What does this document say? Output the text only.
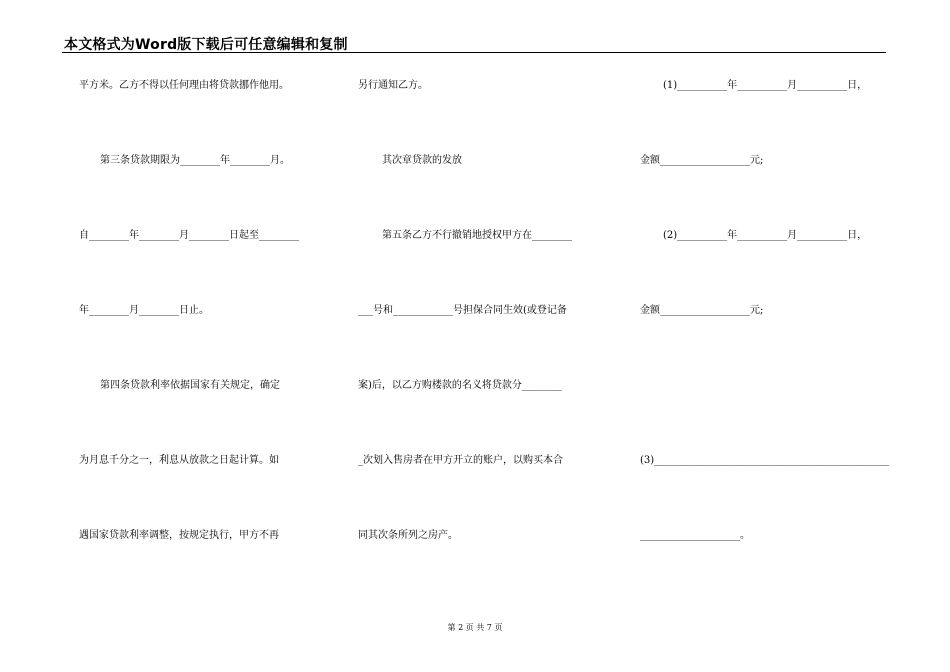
本文格式为Word版下载后可任意编辑和复制
平方米。乙方不得以任何理由将贷款挪作他用。
第三条贷款期限为________年________月。
自________年________月________日起至________
年________月________日止。
第四条贷款利率依据国家有关规定，确定
为月息千分之一，利息从放款之日起计算。如
遇国家贷款利率调整，按规定执行，甲方不再
另行通知乙方。
其次章贷款的发放
第五条乙方不行撤销地授权甲方在________
___号和____________号担保合同生效(或登记备
案)后，以乙方购楼款的名义将贷款分________
_次划入售房者在甲方开立的账户，以购买本合
同其次条所列之房产。
(1)__________年__________月__________日，
金额__________________元;
(2)__________年__________月__________日，
金额__________________元;
(3)_______________________________________________
____________________。
第 2 页 共 7 页
